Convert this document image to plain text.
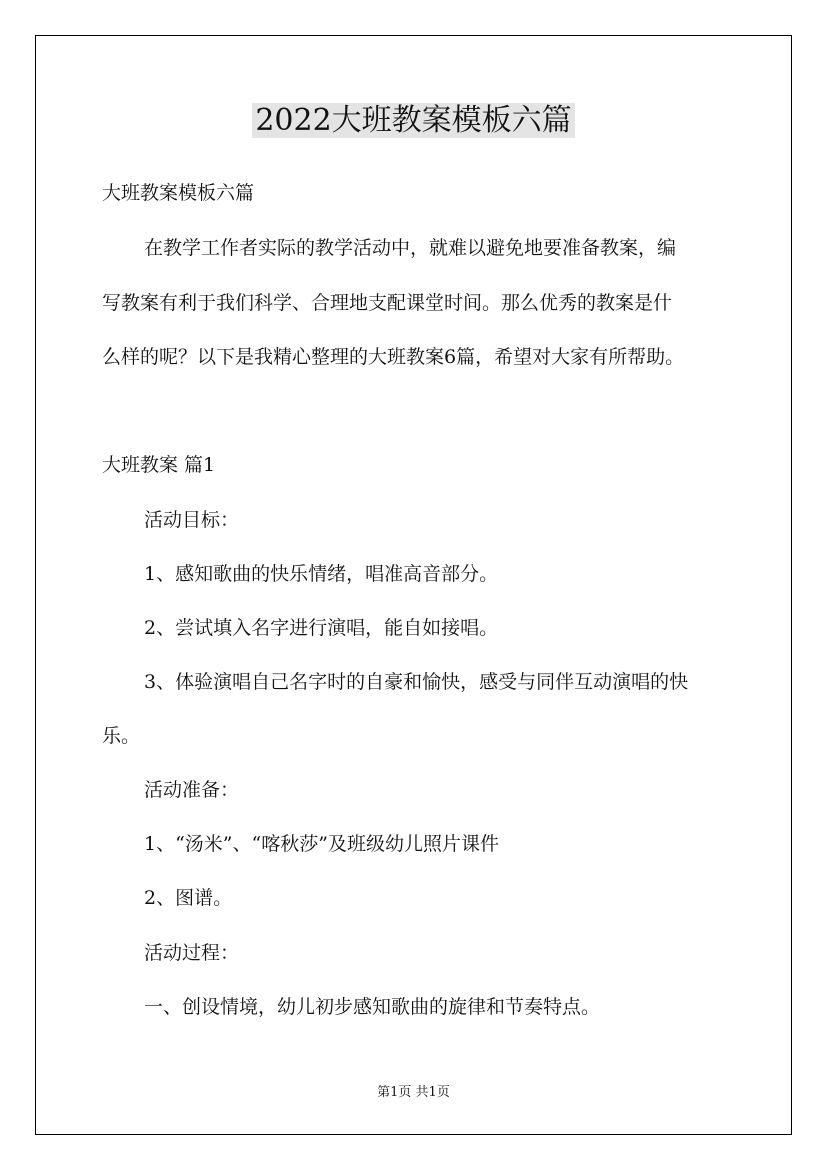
2022大班教案模板六篇
大班教案模板六篇
在教学工作者实际的教学活动中，就难以避免地要准备教案，编
写教案有利于我们科学、合理地支配课堂时间。那么优秀的教案是什
么样的呢？以下是我精心整理的大班教案6篇，希望对大家有所帮助。
大班教案 篇1
活动目标：
1、感知歌曲的快乐情绪，唱准高音部分。
2、尝试填入名字进行演唱，能自如接唱。
3、体验演唱自己名字时的自豪和愉快，感受与同伴互动演唱的快
乐。
活动准备：
1、“汤米”、“喀秋莎”及班级幼儿照片课件
2、图谱。
活动过程：
一、创设情境，幼儿初步感知歌曲的旋律和节奏特点。
第1页 共1页
